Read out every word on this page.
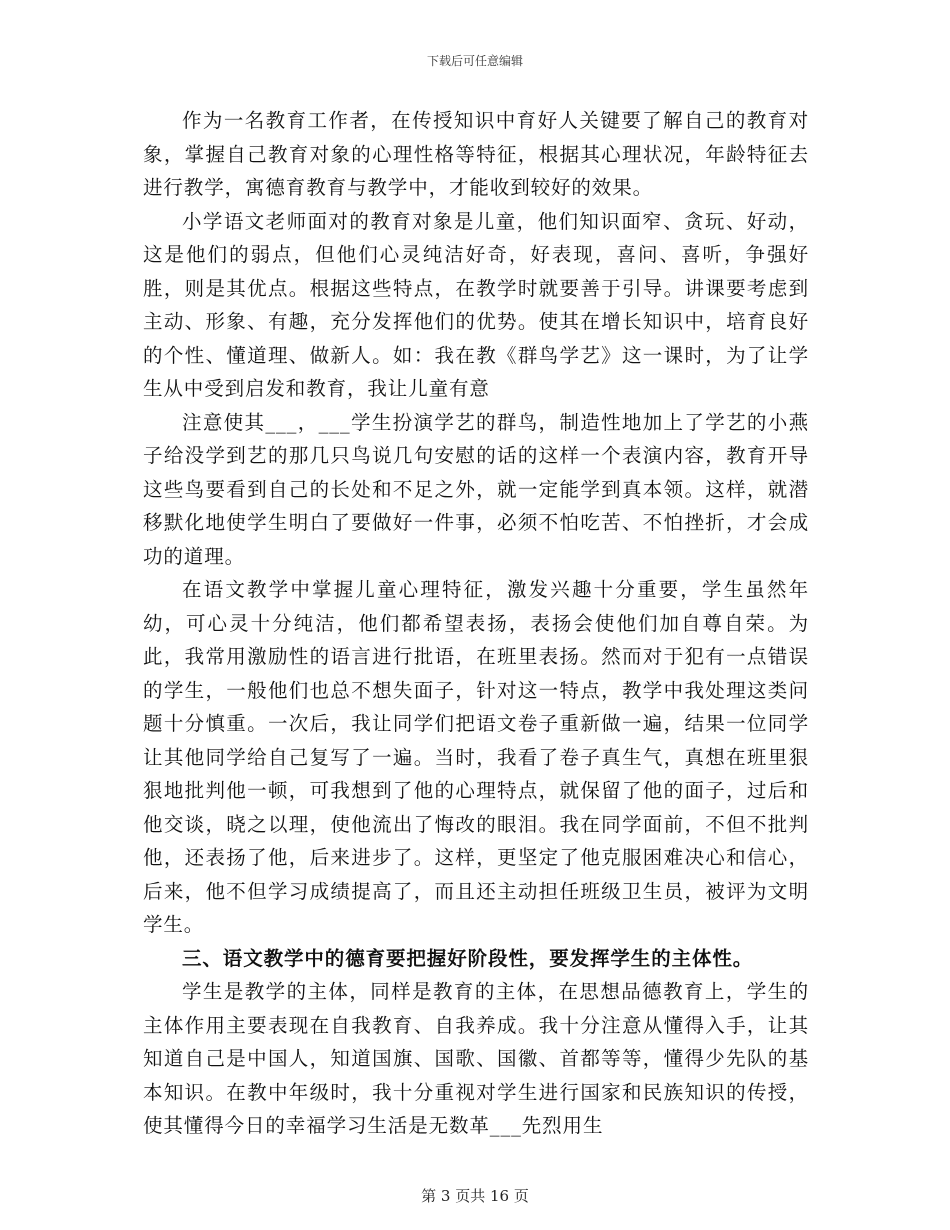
下载后可任意编辑

作为一名教育工作者，在传授知识中育好人关键要了解自己的教育对象，掌握自己教育对象的心理性格等特征，根据其心理状况，年龄特征去进行教学，寓德育教育与教学中，才能收到较好的效果。

小学语文老师面对的教育对象是儿童，他们知识面窄、贪玩、好动，这是他们的弱点，但他们心灵纯洁好奇，好表现，喜问、喜听，争强好胜，则是其优点。根据这些特点，在教学时就要善于引导。讲课要考虑到主动、形象、有趣，充分发挥他们的优势。使其在增长知识中，培育良好的个性、懂道理、做新人。如：我在教《群鸟学艺》这一课时，为了让学生从中受到启发和教育，我让儿童有意

注意使其___，___学生扮演学艺的群鸟，制造性地加上了学艺的小燕子给没学到艺的那几只鸟说几句安慰的话的这样一个表演内容，教育开导这些鸟要看到自己的长处和不足之外，就一定能学到真本领。这样，就潜移默化地使学生明白了要做好一件事，必须不怕吃苦、不怕挫折，才会成功的道理。

在语文教学中掌握儿童心理特征，激发兴趣十分重要，学生虽然年幼，可心灵十分纯洁，他们都希望表扬，表扬会使他们加自尊自荣。为此，我常用激励性的语言进行批语，在班里表扬。然而对于犯有一点错误的学生，一般他们也总不想失面子，针对这一特点，教学中我处理这类问题十分慎重。一次后，我让同学们把语文卷子重新做一遍，结果一位同学让其他同学给自己复写了一遍。当时，我看了卷子真生气，真想在班里狠狠地批判他一顿，可我想到了他的心理特点，就保留了他的面子，过后和他交谈，晓之以理，使他流出了悔改的眼泪。我在同学面前，不但不批判他，还表扬了他，后来进步了。这样，更坚定了他克服困难决心和信心，后来，他不但学习成绩提高了，而且还主动担任班级卫生员，被评为文明学生。

三、语文教学中的德育要把握好阶段性，要发挥学生的主体性。

学生是教学的主体，同样是教育的主体，在思想品德教育上，学生的主体作用主要表现在自我教育、自我养成。我十分注意从懂得入手，让其知道自己是中国人，知道国旗、国歌、国徽、首都等等，懂得少先队的基本知识。在教中年级时，我十分重视对学生进行国家和民族知识的传授，使其懂得今日的幸福学习生活是无数革___先烈用生

第 3 页共 16 页
